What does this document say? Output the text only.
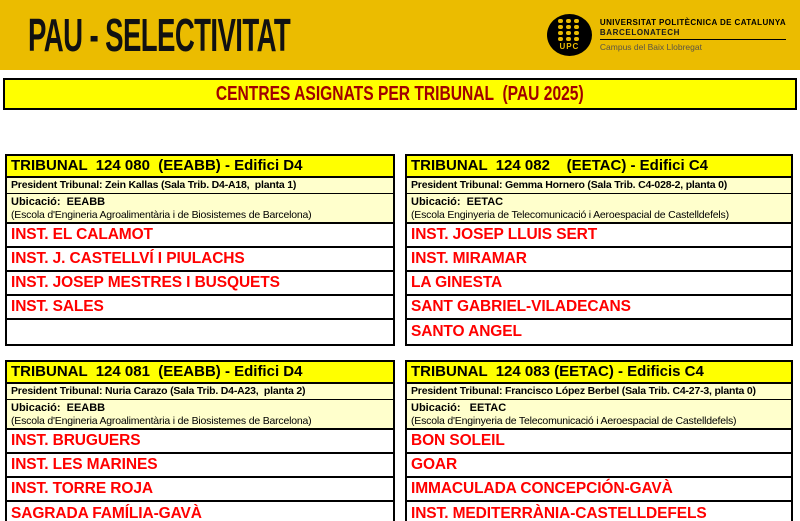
PAU - SELECTIVITAT	UPC
UNIVERSITAT POLITÈCNICA DE CATALUNYA
BARCELONATECH
Campus del Baix Llobregat
CENTRES ASIGNATS PER TRIBUNAL  (PAU 2025)
TRIBUNAL  124 080  (EEABB) - Edifici D4
President Tribunal: Zein Kallas (Sala Trib. D4-A18,  planta 1)
Ubicació:  EEABB
(Escola d'Engineria Agroalimentària i de Biosistemes de Barcelona)
INST. EL CALAMOT
INST. J. CASTELLVÍ I PIULACHS
INST. JOSEP MESTRES I BUSQUETS
INST. SALES
TRIBUNAL  124 082    (EETAC) - Edifici C4
President Tribunal: Gemma Hornero (Sala Trib. C4-028-2, planta 0)
Ubicació:  EETAC
(Escola Enginyeria de Telecomunicació i Aeroespacial de Castelldefels)
INST. JOSEP LLUIS SERT
INST. MIRAMAR
LA GINESTA
SANT GABRIEL-VILADECANS
SANTO ANGEL
TRIBUNAL  124 081  (EEABB) - Edifici D4
President Tribunal: Nuria Carazo (Sala Trib. D4-A23,  planta 2)
Ubicació:  EEABB
(Escola d'Engineria Agroalimentària i de Biosistemes de Barcelona)
INST. BRUGUERS
INST. LES MARINES
INST. TORRE ROJA
SAGRADA FAMÍLIA-GAVÀ
TRIBUNAL  124 083 (EETAC) - Edificis C4
President Tribunal: Francisco López Berbel (Sala Trib. C4-27-3, planta 0)
Ubicació:   EETAC
(Escola d'Enginyeria de Telecomunicació i Aeroespacial de Castelldefels)
BON SOLEIL
GOAR
IMMACULADA CONCEPCIÓN-GAVÀ
INST. MEDITERRÀNIA-CASTELLDEFELS
